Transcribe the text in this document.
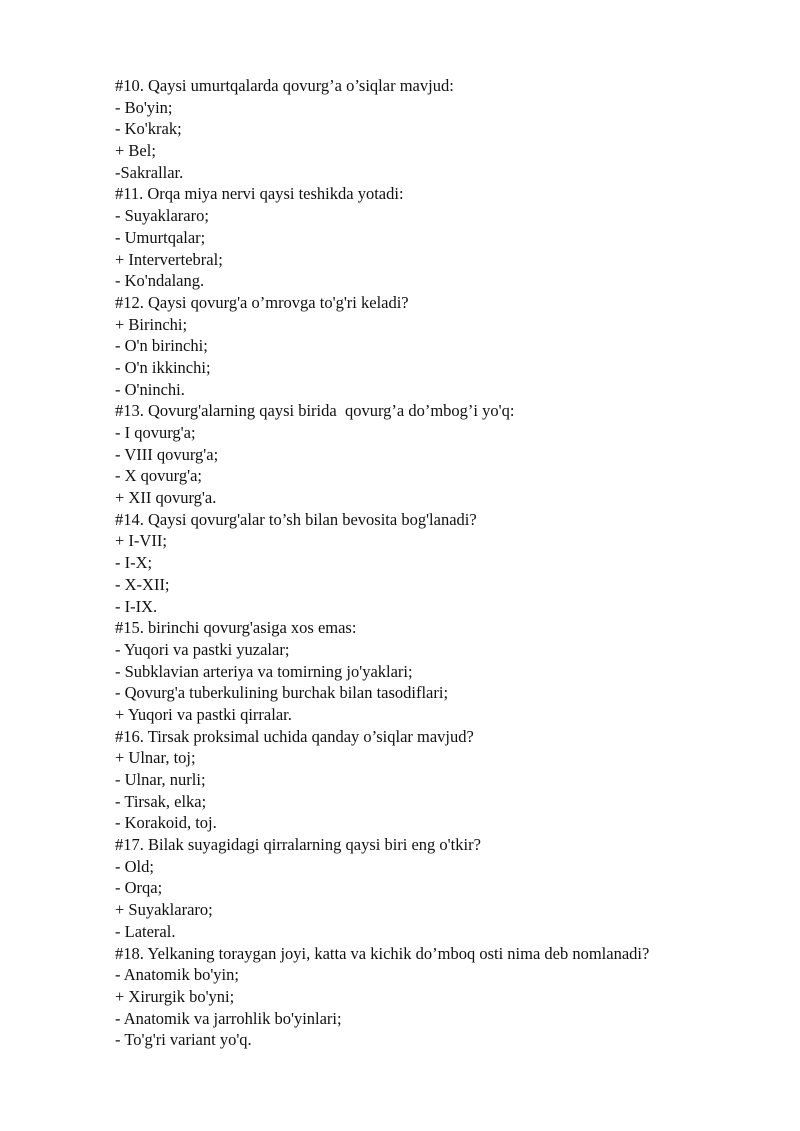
#10. Qaysi umurtqalarda qovurg’a o’siqlar mavjud:
- Bo'yin;
- Ko'krak;
+ Bel;
-Sakrallar.
#11. Orqa miya nervi qaysi teshikda yotadi:
- Suyaklararo;
- Umurtqalar;
+ Intervertebral;
- Ko'ndalang.
#12. Qaysi qovurg'a o’mrovga to'g'ri keladi?
+ Birinchi;
- O'n birinchi;
- O'n ikkinchi;
- O'ninchi.
#13. Qovurg'alarning qaysi birida  qovurg’a do’mbog’i yo'q:
- I qovurg'a;
- VIII qovurg'a;
- X qovurg'a;
+ XII qovurg'a.
#14. Qaysi qovurg'alar to’sh bilan bevosita bog'lanadi?
+ I-VII;
- I-X;
- X-XII;
- I-IX.
#15. birinchi qovurg'asiga xos emas:
- Yuqori va pastki yuzalar;
- Subklavian arteriya va tomirning jo'yaklari;
- Qovurg'a tuberkulining burchak bilan tasodiflari;
+ Yuqori va pastki qirralar.
#16. Tirsak proksimal uchida qanday o’siqlar mavjud?
+ Ulnar, toj;
- Ulnar, nurli;
- Tirsak, elka;
- Korakoid, toj.
#17. Bilak suyagidagi qirralarning qaysi biri eng o'tkir?
- Old;
- Orqa;
+ Suyaklararo;
- Lateral.
#18. Yelkaning toraygan joyi, katta va kichik do’mboq osti nima deb nomlanadi?
- Anatomik bo'yin;
+ Xirurgik bo'yni;
- Anatomik va jarrohlik bo'yinlari;
- To'g'ri variant yo'q.
